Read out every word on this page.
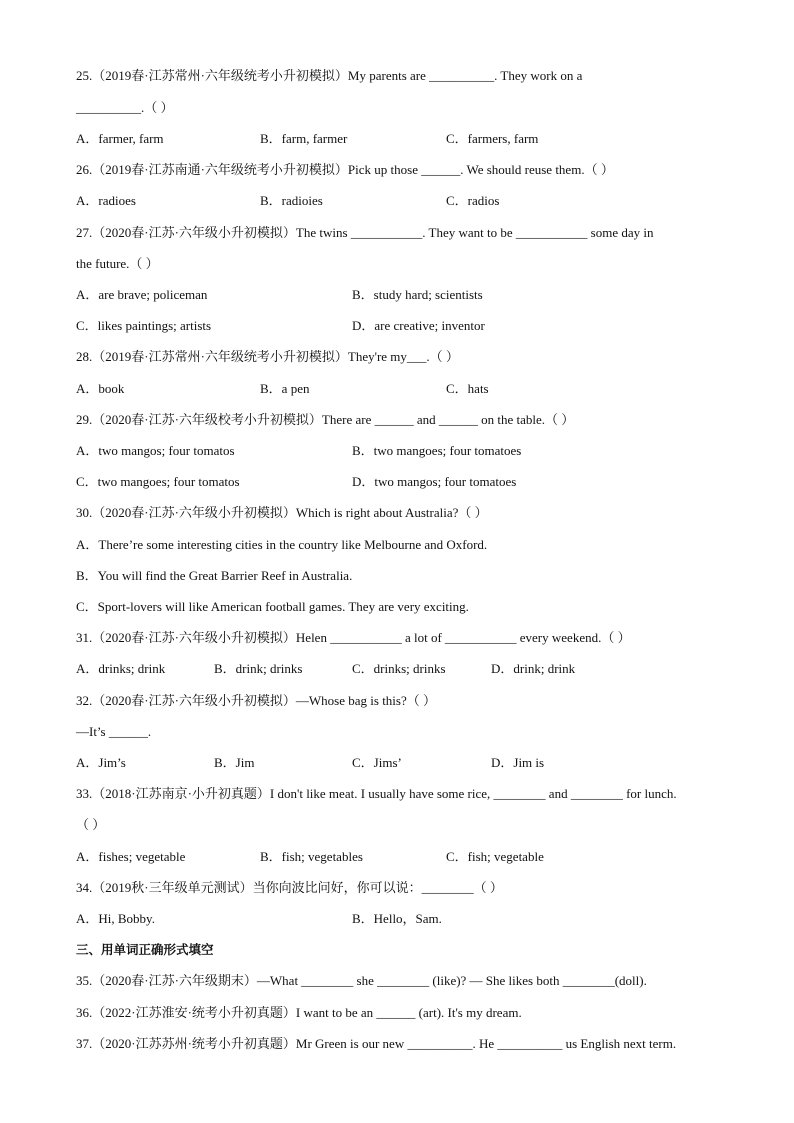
25.（2019春·江苏常州·六年级统考小升初模拟）My parents are __________. They work on a
__________.（ ）
A．farmer, farm	B．farm, farmer	C．farmers, farm
26.（2019春·江苏南通·六年级统考小升初模拟）Pick up those ______. We should reuse them.（ ）
A．radioes	B．radioies	C．radios
27.（2020春·江苏·六年级小升初模拟）The twins ___________. They want to be ___________ some day in
the future.（ ）
A．are brave; policeman	B．study hard; scientists
C．likes paintings; artists	D．are creative; inventor
28.（2019春·江苏常州·六年级统考小升初模拟）They're my___.（ ）
A．book	B．a pen	C．hats
29.（2020春·江苏·六年级校考小升初模拟）There are ______ and ______ on the table.（ ）
A．two mangos; four tomatos	B．two mangoes; four tomatoes
C．two mangoes; four tomatos	D．two mangos; four tomatoes
30.（2020春·江苏·六年级小升初模拟）Which is right about Australia?（ ）
A．There’re some interesting cities in the country like Melbourne and Oxford.
B．You will find the Great Barrier Reef in Australia.
C．Sport-lovers will like American football games. They are very exciting.
31.（2020春·江苏·六年级小升初模拟）Helen ___________ a lot of ___________ every weekend.（ ）
A．drinks; drink	B．drink; drinks	C．drinks; drinks	D．drink; drink
32.（2020春·江苏·六年级小升初模拟）—Whose bag is this?（ ）
—It’s ______.
A．Jim’s	B．Jim	C．Jims’	D．Jim is
33.（2018·江苏南京·小升初真题）I don't like meat. I usually have some rice, ________ and ________ for lunch.
（ ）
A．fishes; vegetable	B．fish; vegetables	C．fish; vegetable
34.（2019秋·三年级单元测试）当你向波比问好，你可以说：________（ ）
A．Hi, Bobby.	B．Hello，Sam.
三、用单词正确形式填空
35.（2020春·江苏·六年级期末）—What ________ she ________ (like)? — She likes both ________(doll).
36.（2022·江苏淮安·统考小升初真题）I want to be an ______ (art). It's my dream.
37.（2020·江苏苏州·统考小升初真题）Mr Green is our new __________. He __________ us English next term.
